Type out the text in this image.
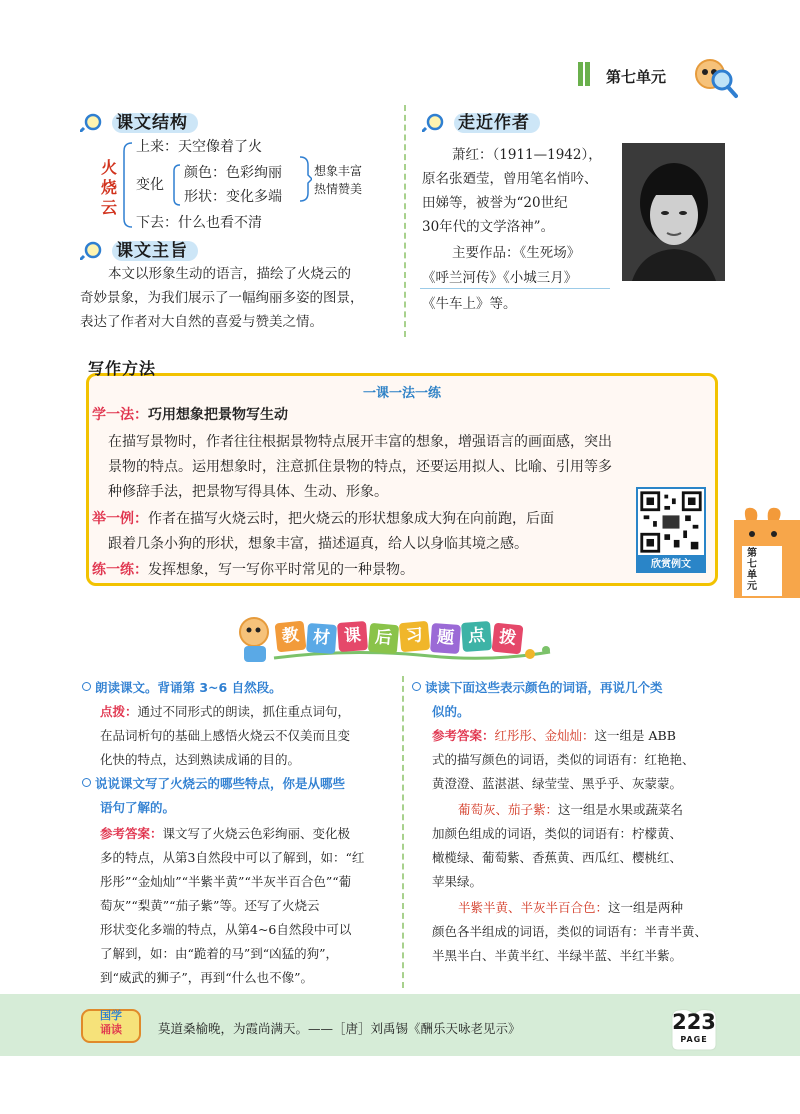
第七单元
课文结构
火
烧
云
上来：天空像着了火
变化
颜色：色彩绚丽
形状：变化多端
下去：什么也看不清
想象丰富
热情赞美
课文主旨
本文以形象生动的语言，描绘了火烧云的
奇妙景象，为我们展示了一幅绚丽多姿的图景，
表达了作者对大自然的喜爱与赞美之情。
走近作者
萧红：（1911—1942），
原名张廼莹，曾用笔名悄吟、
田娣等，被誉为“20世纪
30年代的文学洛神”。
主要作品：《生死场》
《呼兰河传》《小城三月》
《牛车上》等。
写作方法
一课一法一练
学一法：巧用想象把景物写生动
在描写景物时，作者往往根据景物特点展开丰富的想象，增强语言的画面感，突出
景物的特点。运用想象时，注意抓住景物的特点，还要运用拟人、比喻、引用等多
种修辞手法，把景物写得具体、生动、形象。
举一例：作者在描写火烧云时，把火烧云的形状想象成大狗在向前跑，后面
跟着几条小狗的形状，想象丰富，描述逼真，给人以身临其境之感。
练一练：发挥想象，写一写你平时常见的一种景物。	欣赏例文
第
七
单
元
教 材 课 后 习 题 点 拨
朗读课文。背诵第 3~6 自然段。
点拨：通过不同形式的朗读，抓住重点词句，
在品词析句的基础上感悟火烧云不仅美而且变
化快的特点，达到熟读成诵的目的。
说说课文写了火烧云的哪些特点，你是从哪些
语句了解的。
参考答案：课文写了火烧云色彩绚丽、变化极
多的特点，从第3自然段中可以了解到，如：“红
彤彤”“金灿灿”“半紫半黄”“半灰半百合色”“葡
萄灰”“梨黄”“茄子紫”等。还写了火烧云
形状变化多端的特点，从第4~6自然段中可以
了解到，如：由“跪着的马”到“凶猛的狗”，
到“威武的狮子”，再到“什么也不像”。
读读下面这些表示颜色的词语，再说几个类
似的。
参考答案：红彤彤、金灿灿：这一组是 ABB
式的描写颜色的词语，类似的词语有：红艳艳、
黄澄澄、蓝湛湛、绿莹莹、黑乎乎、灰蒙蒙。
葡萄灰、茄子紫：这一组是水果或蔬菜名
加颜色组成的词语，类似的词语有：柠檬黄、
橄榄绿、葡萄紫、香蕉黄、西瓜红、樱桃红、
苹果绿。
半紫半黄、半灰半百合色：这一组是两种
颜色各半组成的词语，类似的词语有：半青半黄、
半黑半白、半黄半红、半绿半蓝、半红半紫。
国学
诵读	莫道桑榆晚，为霞尚满天。——［唐］刘禹锡《酬乐天咏老见示》	223
PAGE
